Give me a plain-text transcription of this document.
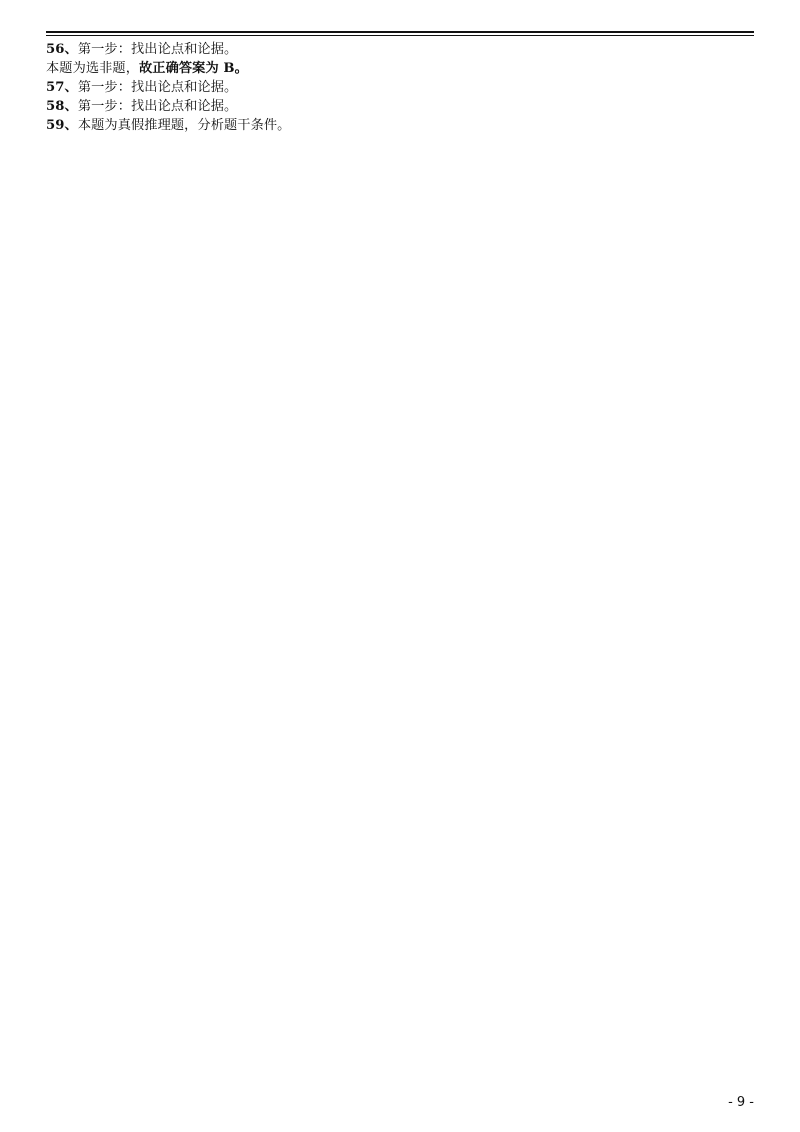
56、第一步：找出论点和论据。
本题为选非题，故正确答案为 B。
57、第一步：找出论点和论据。
58、第一步：找出论点和论据。
59、本题为真假推理题，分析题干条件。
- 9 -
